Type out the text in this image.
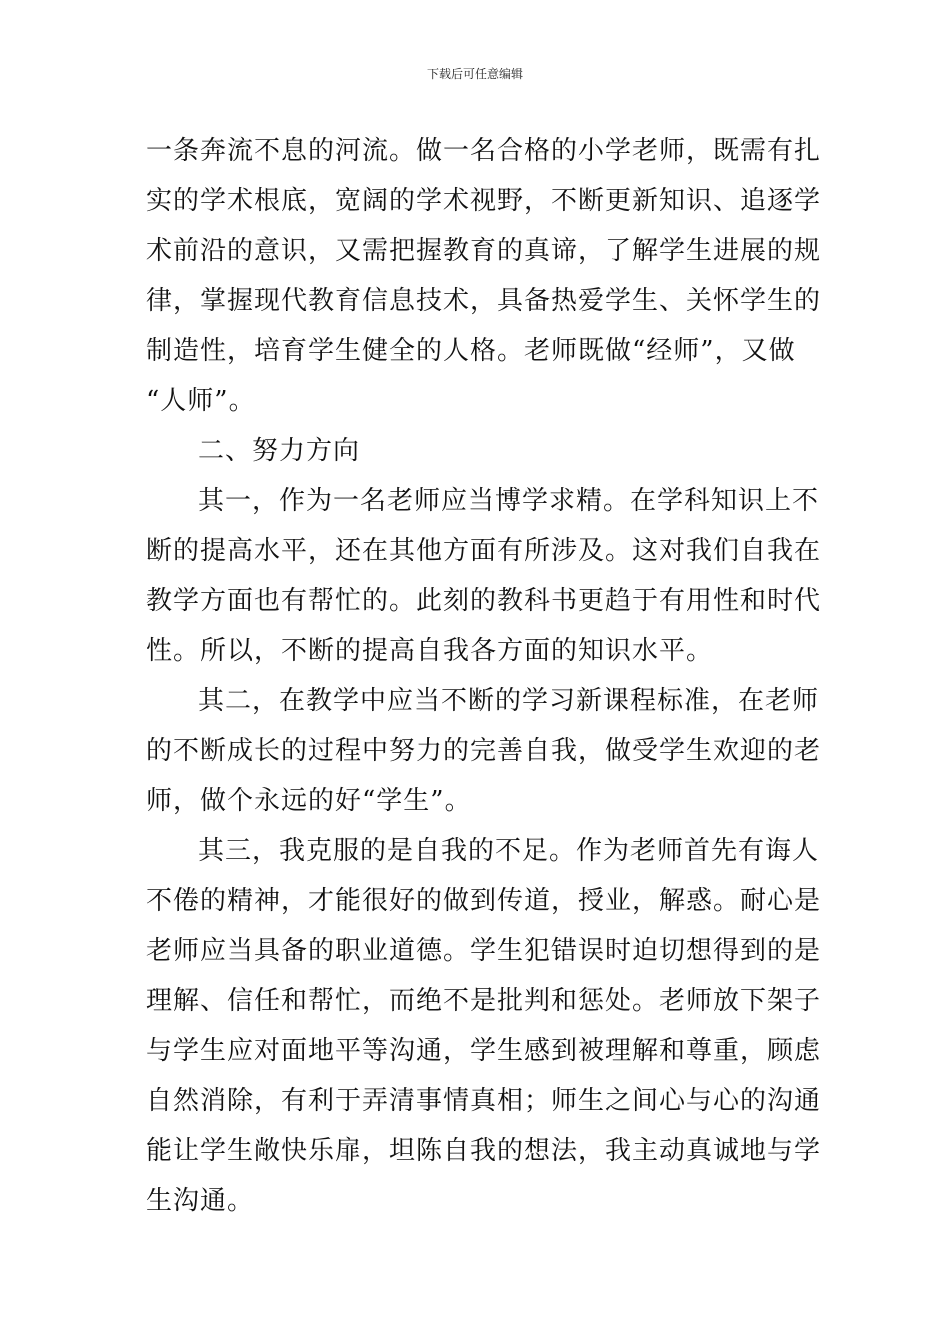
下载后可任意编辑
一条奔流不息的河流。做一名合格的小学老师，既需有扎
实的学术根底，宽阔的学术视野，不断更新知识、追逐学
术前沿的意识，又需把握教育的真谛，了解学生进展的规
律，掌握现代教育信息技术，具备热爱学生、关怀学生的
制造性，培育学生健全的人格。老师既做“经师”，又做
“人师”。
二、努力方向
其一，作为一名老师应当博学求精。在学科知识上不
断的提高水平，还在其他方面有所涉及。这对我们自我在
教学方面也有帮忙的。此刻的教科书更趋于有用性和时代
性。所以，不断的提高自我各方面的知识水平。
其二，在教学中应当不断的学习新课程标准，在老师
的不断成长的过程中努力的完善自我，做受学生欢迎的老
师，做个永远的好“学生”。
其三，我克服的是自我的不足。作为老师首先有诲人
不倦的精神，才能很好的做到传道，授业，解惑。耐心是
老师应当具备的职业道德。学生犯错误时迫切想得到的是
理解、信任和帮忙，而绝不是批判和惩处。老师放下架子
与学生应对面地平等沟通，学生感到被理解和尊重，顾虑
自然消除，有利于弄清事情真相；师生之间心与心的沟通
能让学生敞快乐扉，坦陈自我的想法，我主动真诚地与学
生沟通。
